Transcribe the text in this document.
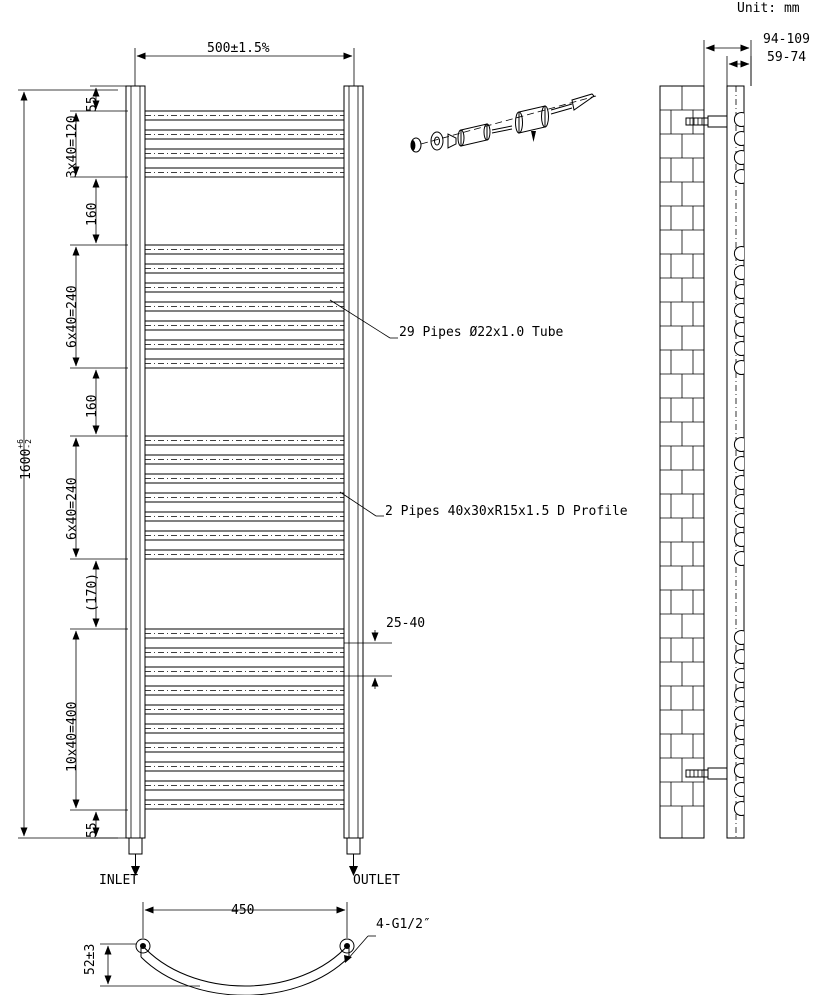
Unit: mm
500±1.5%
1600+6
-2
55
3x40=120
160
6x40=240
160
6x40=240
(170)
10x40=400
55
25-40
29 Pipes Ø22x1.0 Tube
2 Pipes 40x30xR15x1.5 D Profile
INLET	OUTLET
94-109
59-74
450
52±3
4-G1/2″
